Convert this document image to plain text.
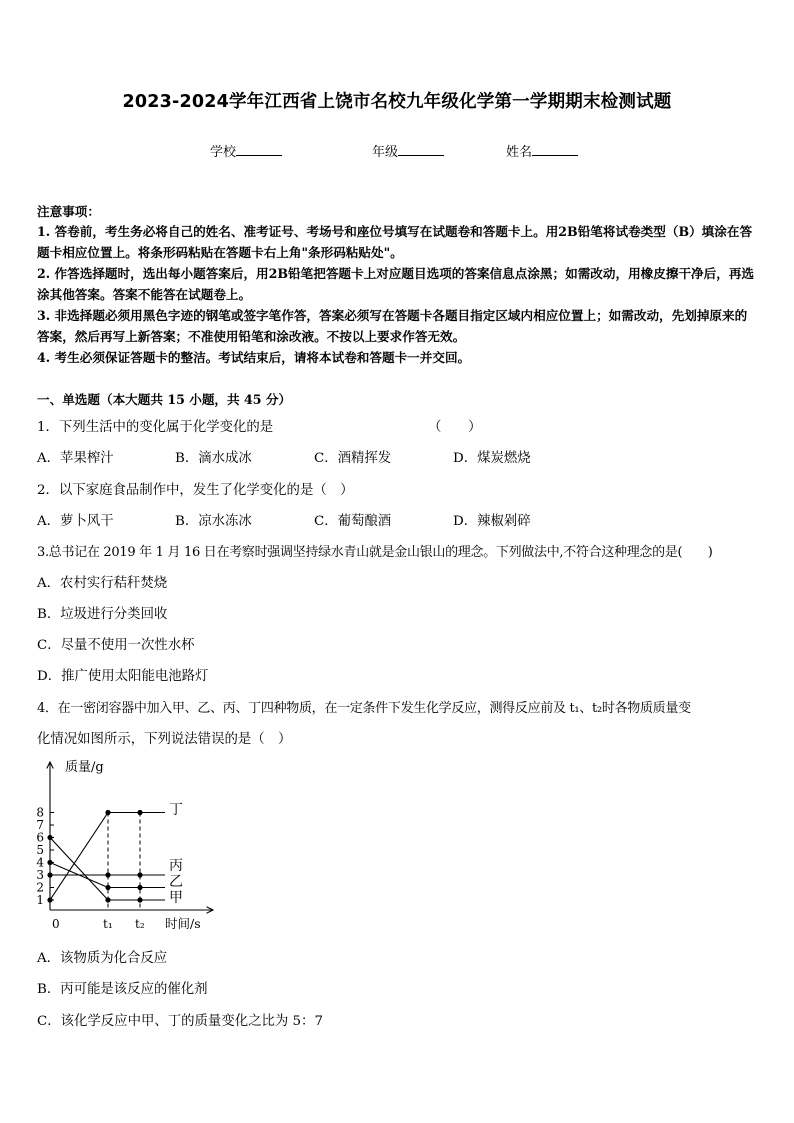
2023-2024学年江西省上饶市名校九年级化学第一学期期末检测试题
学校	年级	姓名
注意事项：
1. 答卷前，考生务必将自己的姓名、准考证号、考场号和座位号填写在试题卷和答题卡上。用2B铅笔将试卷类型（B）填涂在答题卡相应位置上。将条形码粘贴在答题卡右上角"条形码粘贴处"。
2. 作答选择题时，选出每小题答案后，用2B铅笔把答题卡上对应题目选项的答案信息点涂黑；如需改动，用橡皮擦干净后，再选涂其他答案。答案不能答在试题卷上。
3. 非选择题必须用黑色字迹的钢笔或签字笔作答，答案必须写在答题卡各题目指定区域内相应位置上；如需改动，先划掉原来的答案，然后再写上新答案；不准使用铅笔和涂改液。不按以上要求作答无效。
4. 考生必须保证答题卡的整洁。考试结束后，请将本试卷和答题卡一并交回。
一、单选题（本大题共 15 小题，共 45 分）
1．下列生活中的变化属于化学变化的是	（　　）
A．苹果榨汁	B．滴水成冰	C．酒精挥发	D．煤炭燃烧
2．以下家庭食品制作中，发生了化学变化的是（　）
A．萝卜风干	B．凉水冻冰	C．葡萄酿酒	D．辣椒剁碎
3.总书记在 2019 年 1 月 16 日在考察时强调坚持绿水青山就是金山银山的理念。下列做法中,不符合这种理念的是(　　)
A．农村实行秸秆焚烧
B．垃圾进行分类回收
C．尽量不使用一次性水杯
D．推广使用太阳能电池路灯
4．在一密闭容器中加入甲、乙、丙、丁四种物质，在一定条件下发生化学反应，测得反应前及 t₁、t₂时各物质质量变
化情况如图所示，下列说法错误的是（　）
质量/g
时间/s
0
1
2
3
4
5
6
7
8
t₁ t₂
丁
丙
乙
甲
A．该物质为化合反应
B．丙可能是该反应的催化剂
C．该化学反应中甲、丁的质量变化之比为 5：7
